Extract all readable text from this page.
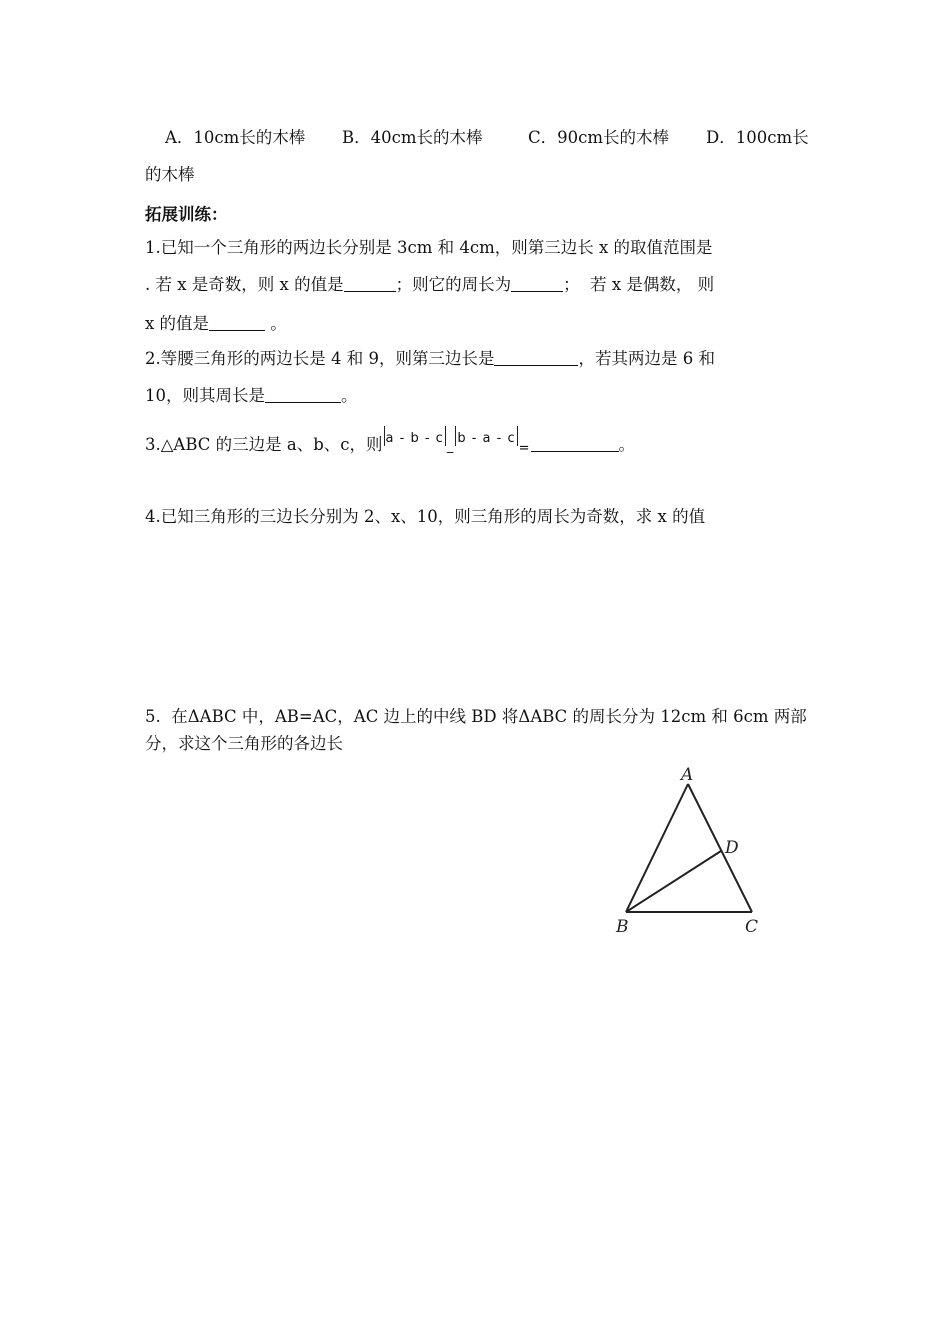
A．10cm长的木棒 B．40cm长的木棒	C．90cm长的木棒 D．100cm长
的木棒
拓展训练：
1.已知一个三角形的两边长分别是 3cm 和 4cm，则第三边长 x 的取值范围是
. 若 x 是奇数，则 x 的值是	；则它的周长为	；  若 x 是偶数， 则
x 的值是	。
2.等腰三角形的两边长是 4 和 9，则第三边长是	，若其两边是 6 和
10，则其周长是	。
3.△ABC 的三边是 a、b、c，则 a - b - c_b - a - c=	。
4.已知三角形的三边长分别为 2、x、10，则三角形的周长为奇数，求 x 的值
5.  在ΔABC 中，AB=AC，AC 边上的中线 BD 将ΔABC 的周长分为 12cm 和 6cm 两部
分，求这个三角形的各边长
A
B	C
D
